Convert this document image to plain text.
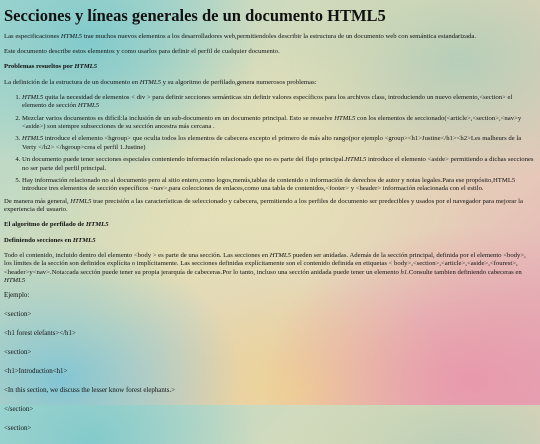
Secciones y líneas generales de un documento HTML5

Las especificaciones HTML5 trae muchos nuevos elementos a los desarrolladores web,permitiendoles describir la estructura de un documento web con semántica estandarizada.

Este documento describe estos elementos y como usarlos para definir el perfil de cualquier documento.

Problemas resueltos por HTML5

La definición de la estructura de un documento en HTML5 y su algoritmo de perfilado,genera numerosos problemas:

1. HTML5 quita la necesidad de elementos < div > para definir secciones semánticas sin definir valores específicos para los archivos class, introduciendo un nuevo elemento,<section> el elemento de sección HTML5
2. Mezclar varios documentos es difícil:la inclusión de un sub-documento en un documento principal. Esto se resuelve HTML5 con los elementos de seccionado(<article>,<section>,<nav>y <aside>) son siempre subsecciones de su sección ancestra más cercana .
3. HTML5 introduce el elemento <hgroup> que oculta todos los elementos de cabecera excepto el primero de más alto rango(por ejemplo <group><h1>Justine</h1><h2>Les malheurs de la Verty </h2> </hgroup>crea el perfil 1.Justine)
4. Un documento puede tener secciones especiales conteniendo información relacionado que no es parte del flujo principal.HTML5 introduce el elemento <aside> permitiendo a dichas secciones no ser parte del perfil principal.
5. Hay información relacionado no al documento pero al sitio entero,como logos,menús,tablas de contenido o información de derechos de autor y notas legales.Para ese propósito,HTML5 introduce tres elementos de sección específicos <nav>,para colecciones de enlaces,como una tabla de contenidos,<footer> y <header> información relacionada con el estilo.

De manera más general, HTML5 trae precisión a las características de seleccionado y cabecera, permitiendo a los perfiles de documento ser predecibles y usados por el navegador para mejorar la experiencia del usuario.

El algoritmo de perfilado de HTML5

Definiendo secciones en HTML5

Todo el contenido, incluido dentro del elemento <body > es parte de una sección. Las secciones en HTML5 pueden ser anidadas. Además de la sección principal, definida por el elemento <body>, los límites de la sección son definidos explícita o implícitamente. Las secciones definidas explícitamente son el contenido definida en etiquetas < body>,<section>,<article>,<aside>,<fourest>,<header>y<nav>.Nota:cada sección puede tener su propia jerarquía de cabeceras.Por lo tanto, incluso una sección anidada puede tener un elemento h1.Consulte tambien definiendo cabeceras en HTML5

Ejemplo:
<section>
<h1 forest elefants></h1>
<section>
<h1>Introduction<h1>
<In this section, we discuss the lesser know forest elephants.>
</section>
<section>
